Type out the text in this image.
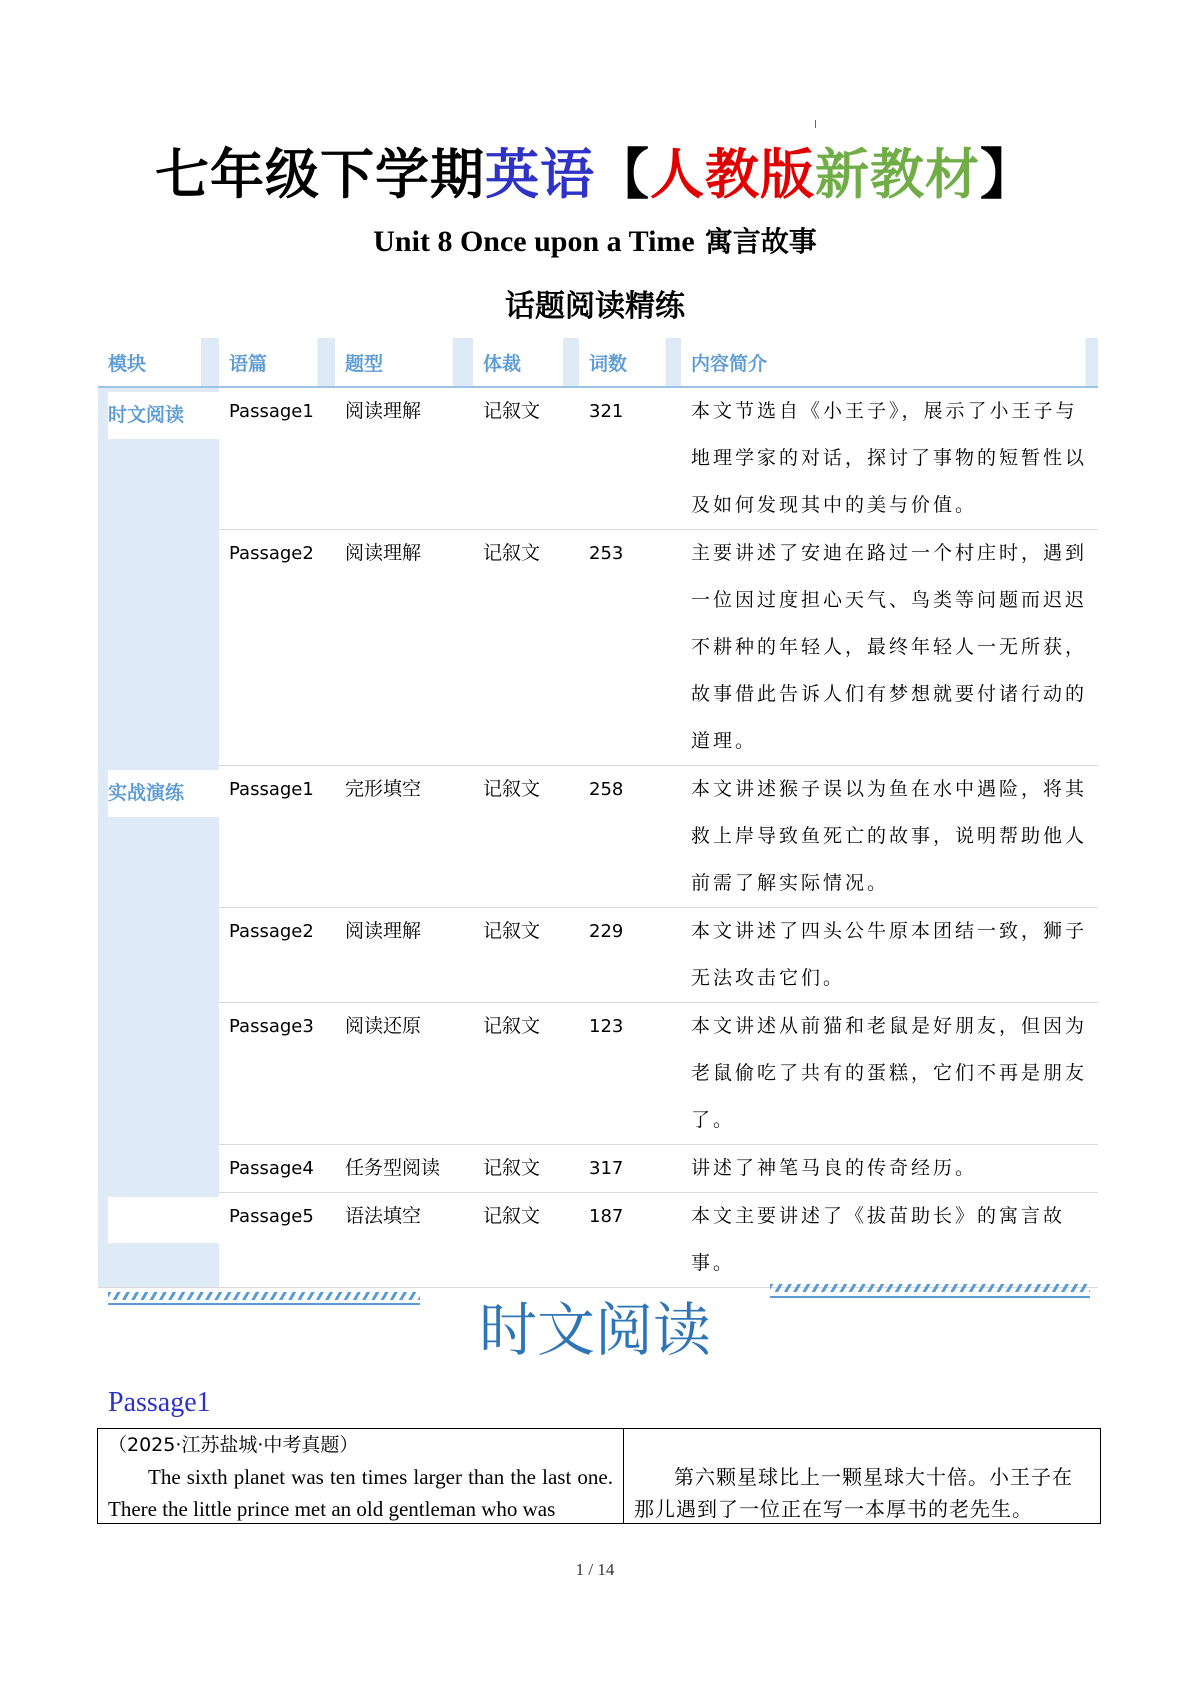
七年级下学期英语【人教版新教材】
Unit 8 Once upon a Time 寓言故事
话题阅读精练
模块	语篇	题型	体裁	词数	内容简介

时文阅读	Passage1	阅读理解	记叙文	321	本文节选自《小王子》，展示了小王子与地理学家的对话，探讨了事物的短暂性以及如何发现其中的美与价值。
	Passage2	阅读理解	记叙文	253	主要讲述了安迪在路过一个村庄时，遇到一位因过度担心天气、鸟类等问题而迟迟不耕种的年轻人，最终年轻人一无所获，故事借此告诉人们有梦想就要付诸行动的道理。

实战演练	Passage1	完形填空	记叙文	258	本文讲述猴子误以为鱼在水中遇险，将其救上岸导致鱼死亡的故事，说明帮助他人前需了解实际情况。
	Passage2	阅读理解	记叙文	229	本文讲述了四头公牛原本团结一致，狮子无法攻击它们。
	Passage3	阅读还原	记叙文	123	本文讲述从前猫和老鼠是好朋友，但因为老鼠偷吃了共有的蛋糕，它们不再是朋友了。
	Passage4	任务型阅读	记叙文	317	讲述了神笔马良的传奇经历。

	Passage5	语法填空	记叙文	187	本文主要讲述了《拔苗助长》的寓言故事。
时文阅读
Passage1
（2025·江苏盐城·中考真题）

The sixth planet was ten times larger than the last one. There the little prince met an old gentleman who was

第六颗星球比上一颗星球大十倍。小王子在那儿遇到了一位正在写一本厚书的老先生。

1 / 14
